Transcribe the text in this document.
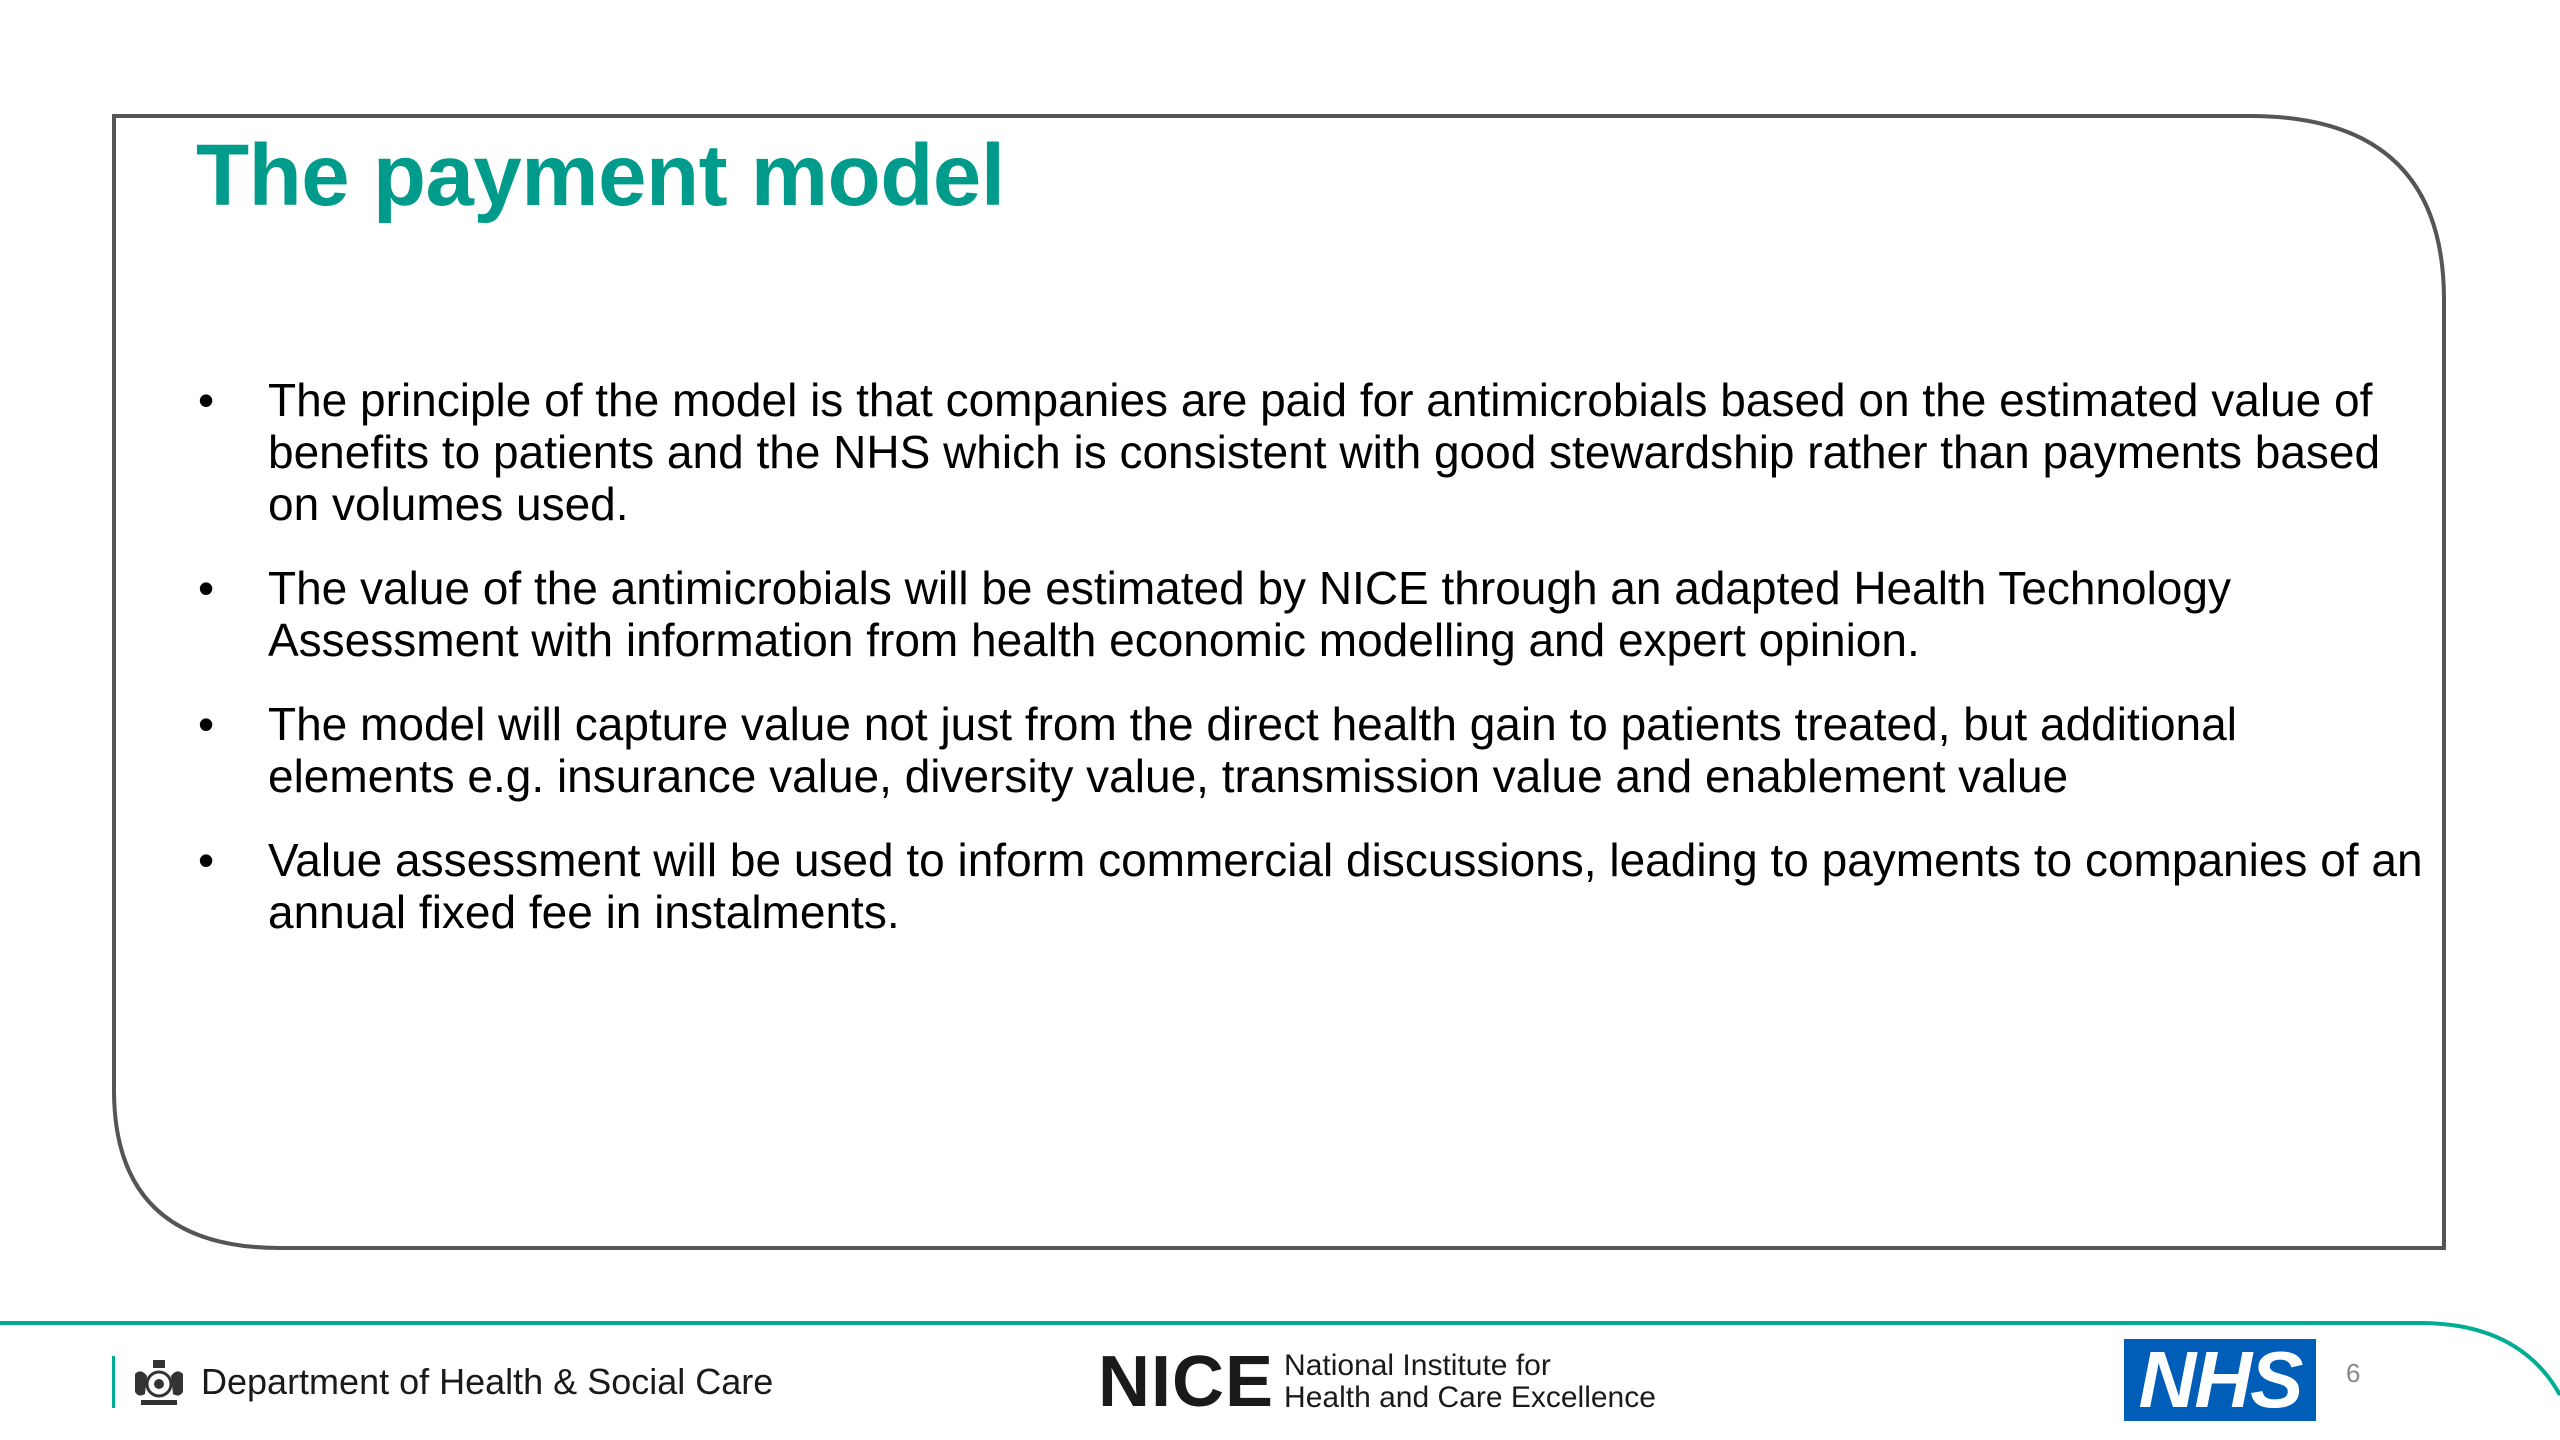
The payment model
• The principle of the model is that companies are paid for antimicrobials based on the estimated value of benefits to patients and the NHS which is consistent with good stewardship rather than payments based on volumes used.
• The value of the antimicrobials will be estimated by NICE through an adapted Health Technology Assessment with information from health economic modelling and expert opinion.
• The model will capture value not just from the direct health gain to patients treated, but additional elements e.g. insurance value, diversity value, transmission value and enablement value
• Value assessment will be used to inform commercial discussions, leading to payments to companies of an annual fixed fee in instalments.
Department of Health & Social Care	NICE National Institute for
Health and Care Excellence	NHS	6
